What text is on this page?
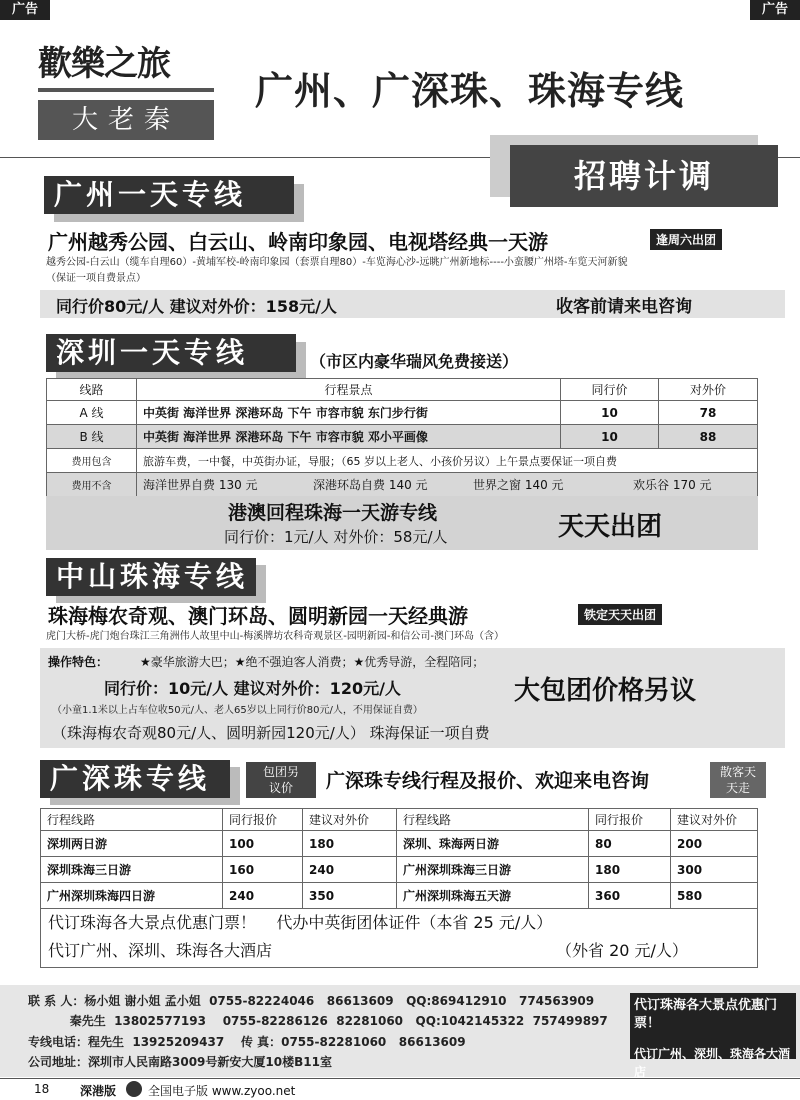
广告	广告
歡樂之旅
大老秦
广州、广深珠、珠海专线
招聘计调
广州一天专线
广州越秀公园、白云山、岭南印象园、电视塔经典一天游	逢周六出团
越秀公园-白云山（缆车自理60）-黄埔军校-岭南印象园（套票自理80）-车览海心沙-远眺广州新地标----小蛮腰广州塔-车览天河新貌
（保证一项自费景点）
同行价80元/人 建议对外价：158元/人	收客前请来电咨询
深圳一天专线	（市区内豪华瑞风免费接送）
线路	行程景点	同行价	对外价
A 线	中英街 海洋世界 深港环岛 下午 市容市貌 东门步行街	10	78
B 线	中英街 海洋世界 深港环岛 下午 市容市貌 邓小平画像	10	88
费用包含	旅游车费，一中餐，中英街办证，导服；（65 岁以上老人、小孩价另议）上午景点要保证一项自费		
费用不含	海洋世界自费 130 元 深港环岛自费 140 元 世界之窗 140 元 欢乐谷 170 元		
港澳回程珠海一天游专线
同行价：1元/人 对外价：58元/人	天天出团
中山珠海专线
珠海梅农奇观、澳门环岛、圆明新园一天经典游	铁定天天出团
虎门大桥-虎门炮台珠江三角洲伟人故里中山-梅溪牌坊农科奇观景区-园明新园-和信公司-澳门环岛（含）
操作特色：	★豪华旅游大巴；★绝不强迫客人消费；★优秀导游，全程陪同；
同行价：10元/人 建议对外价：120元/人	大包团价格另议
（小童1.1米以上占车位收50元/人、老人65岁以上同行价80元/人，不用保证自费）
（珠海梅农奇观80元/人、圆明新园120元/人） 珠海保证一项自费
广深珠专线	包团另议价	广深珠专线行程及报价、欢迎来电咨询	散客天天走
行程线路	同行报价	建议对外价	行程线路	同行报价	建议对外价
深圳两日游	100	180	深圳、珠海两日游	80	200
深圳珠海三日游	160	240	广州深圳珠海三日游	180	300
广州深圳珠海四日游	240	350	广州深圳珠海五天游	360	580
代订珠海各大景点优惠门票！    代办中英街团体证件（本省 25 元/人）
代订广州、深圳、珠海各大酒店	（外省 20 元/人）
联 系 人：杨小姐 谢小姐 孟小姐  0755-82224046   86613609   QQ:869412910   774563909
秦先生  13802577193    0755-82286126  82281060   QQ:1042145322  757499897
专线电话：程先生  13925209437    传 真：0755-82281060   86613609
公司地址：深圳市人民南路3009号新安大厦10楼B11室
代订珠海各大景点优惠门票！
代订广州、深圳、珠海各大酒店
18	深港版	全国电子版 www.zyoo.net
